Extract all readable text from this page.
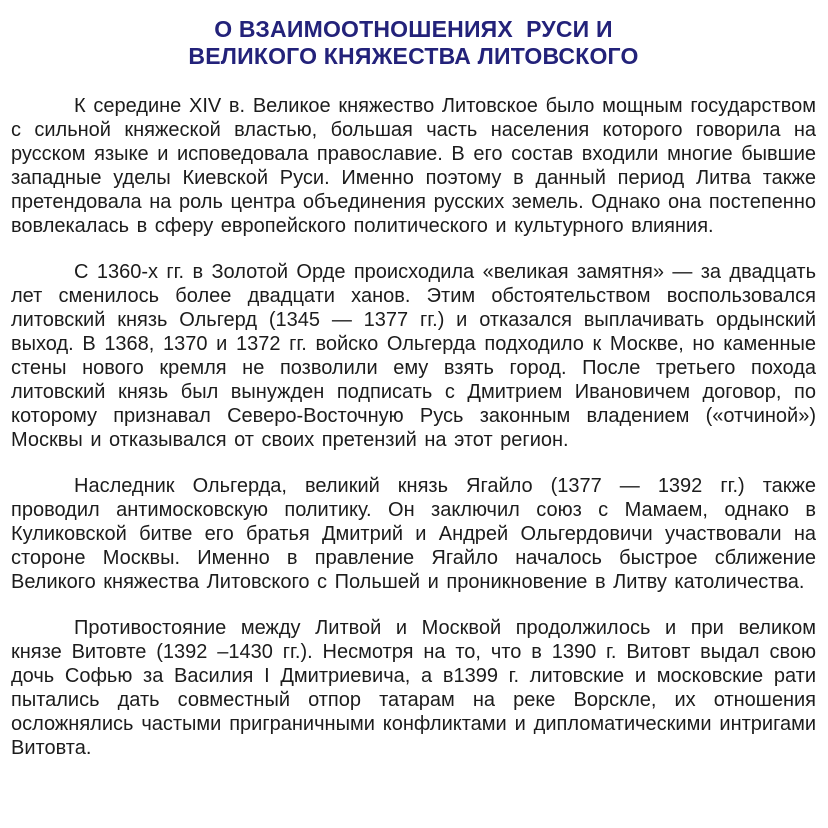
О ВЗАИМООТНОШЕНИЯХ  РУСИ И
ВЕЛИКОГО КНЯЖЕСТВА ЛИТОВСКОГО

К середине XIV в. Великое княжество Литовское было мощным государством с сильной княжеской властью, большая часть населения которого говорила на русском языке и исповедовала православие. В его состав входили многие бывшие западные уделы Киевской Руси. Именно поэтому в данный период Литва также претендовала на роль центра объединения русских земель. Однако она постепенно вовлекалась в сферу европейского политического и культурного влияния.

С 1360-х гг. в Золотой Орде происходила «великая замятня» — за двадцать лет сменилось более двадцати ханов. Этим обстоятельством воспользовался литовский князь Ольгерд (1345 — 1377 гг.) и отказался выплачивать ордынский выход. В 1368, 1370 и 1372 гг. войско Ольгерда подходило к Москве, но каменные стены нового кремля не позволили ему взять город. После третьего похода литовский князь был вынужден подписать с Дмитрием Ивановичем договор, по которому признавал Северо-Восточную Русь законным владением («отчиной») Москвы и отказывался от своих претензий на этот регион.

Наследник Ольгерда, великий князь Ягайло (1377 — 1392 гг.) также проводил антимосковскую политику. Он заключил союз с Мамаем, однако в Куликовской битве его братья Дмитрий и Андрей Ольгердовичи участвовали на стороне Москвы. Именно в правление Ягайло началось быстрое сближение Великого княжества Литовского с Польшей и проникновение в Литву католичества.

Противостояние между Литвой и Москвой продолжилось и при великом князе Витовте (1392 –1430 гг.). Несмотря на то, что в 1390 г. Витовт выдал свою дочь Софью за Василия I Дмитриевича, а в1399 г. литовские и московские рати пытались дать совместный отпор татарам на реке Ворскле, их отношения осложнялись частыми приграничными конфликтами и дипломатическими интригами Витовта.
